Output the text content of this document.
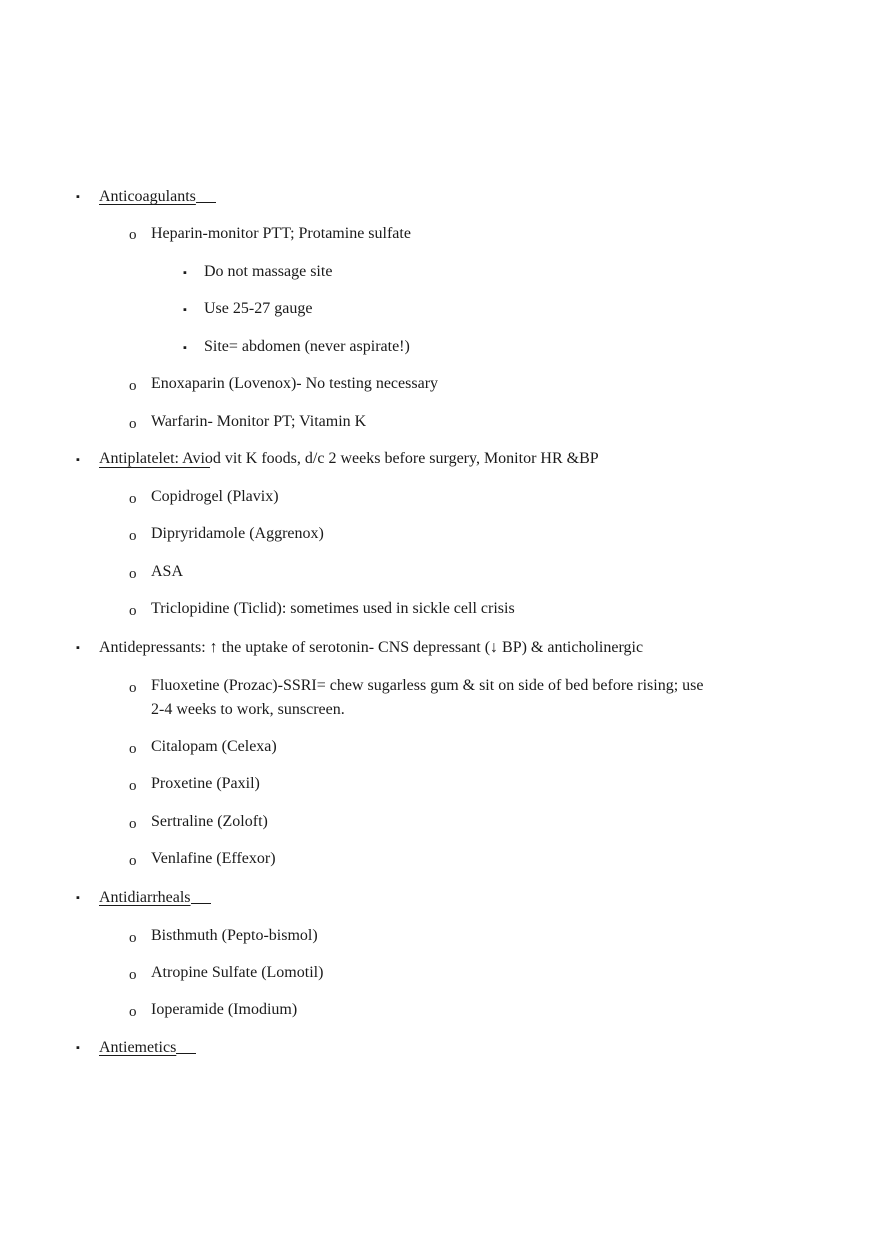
▪ Anticoagulants
o Heparin-monitor PTT; Protamine sulfate
▪ Do not massage site
▪ Use 25-27 gauge
▪ Site= abdomen (never aspirate!)
o Enoxaparin (Lovenox)- No testing necessary
o Warfarin- Monitor PT; Vitamin K
▪ Antiplatelet: Aviod vit K foods, d/c 2 weeks before surgery, Monitor HR &BP
o Copidrogel (Plavix)
o Dipryridamole (Aggrenox)
o ASA
o Triclopidine (Ticlid): sometimes used in sickle cell crisis
▪ Antidepressants: ↑ the uptake of serotonin- CNS depressant (↓ BP) & anticholinergic
o Fluoxetine (Prozac)-SSRI= chew sugarless gum & sit on side of bed before rising; use
2-4 weeks to work, sunscreen.
o Citalopam (Celexa)
o Proxetine (Paxil)
o Sertraline (Zoloft)
o Venlafine (Effexor)
▪ Antidiarrheals
o Bisthmuth (Pepto-bismol)
o Atropine Sulfate (Lomotil)
o Ioperamide (Imodium)
▪ Antiemetics
